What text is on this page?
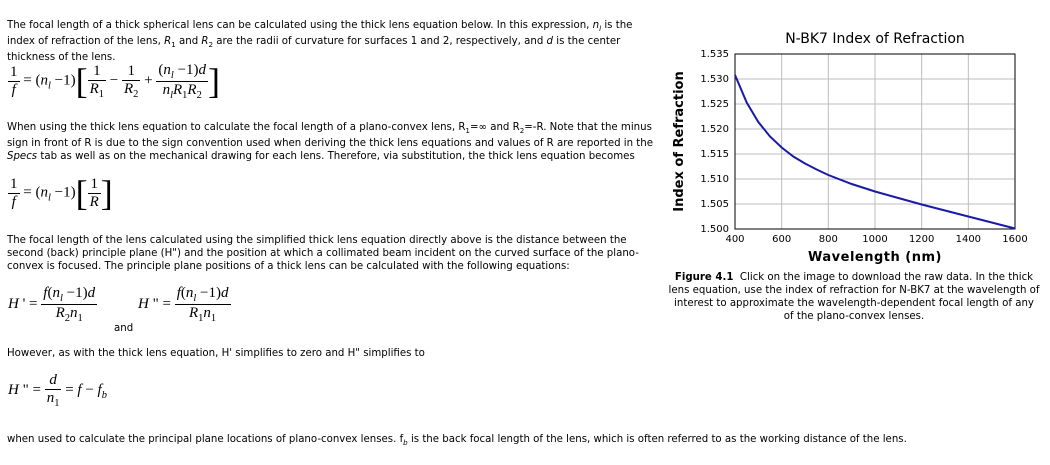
The focal length of a thick spherical lens can be calculated using the thick lens equation below. In this expression, $n_l$ is the index of refraction of the lens, $R_1$ and $R_2$ are the radii of curvature for surfaces 1 and 2, respectively, and d is the center thickness of the lens.
$\frac{1}{f} = (n_l -1)[ \frac{1}{R_1} - \frac{1}{R_2} + \frac{(n_l -1)d}{n_lR_1R_2}$ ]
When using the thick lens equation to calculate the focal length of a plano-convex lens, $R_1=\infty$ and $R_2=-R$. Note that the minus sign in front of R is due to the sign convention used when deriving the thick lens equations and values of R are reported in the Specs tab as well as on the mechanical drawing for each lens. Therefore, via substitution, the thick lens equation becomes
$\frac{1}{f} = (n_l -1)[ \frac{1}{R}$ ]
The focal length of the lens calculated using the simplified thick lens equation directly above is the distance between the second (back) principle plane (H") and the position at which a collimated beam incident on the curved surface of the plano-convex is focused. The principle plane positions of a thick lens can be calculated with the following equations:
H ' = $\frac{f(n_l -1)d}{R_2n_1}$
and
H " = $\frac{f(n_l -1)d}{R_1n_1}$
However, as with the thick lens equation, H' simplifies to zero and H" simplifies to
H " = $\frac{d}{n_1} = f - f_b$
when used to calculate the principal plane locations of plano-convex lenses. $f_b$ is the back focal length of the lens, which is often referred to as the working distance of the lens.
N-BK7 Index of Refraction
400	600	800 1000 1200 1400 1600
1.500
1.505
1.510
1.515
1.520
1.525
1.530
1.535
Wavelength (nm)
Index of Refraction
Figure 4.1 Click on the image to download the raw data. In the thick lens equation, use the index of refraction for N-BK7 at the wavelength of interest to approximate the wavelength-dependent focal length of any of the plano-convex lenses.
